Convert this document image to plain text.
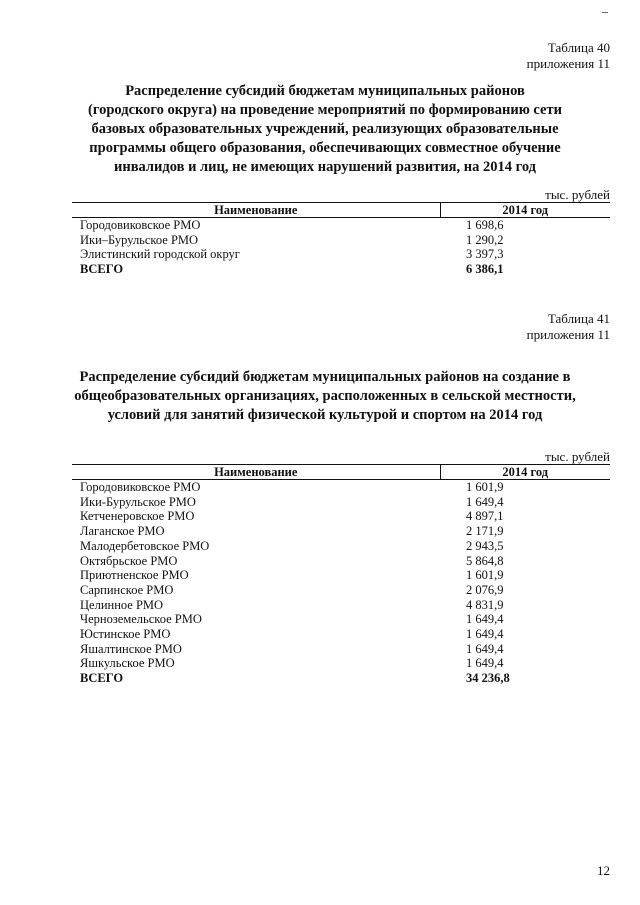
Таблица 40
приложения 11
Распределение субсидий бюджетам муниципальных районов
(городского округа) на проведение мероприятий по формированию сети
базовых образовательных учреждений, реализующих образовательные
программы общего образования, обеспечивающих совместное обучение
инвалидов и лиц, не имеющих нарушений развития, на 2014 год
тыс. рублей
Наименование	2014 год
Городовиковское РМО	1 698,6
Ики–Бурульское РМО	1 290,2
Элистинский городской округ	3 397,3
ВСЕГО	6 386,1
Таблица 41
приложения 11
Распределение субсидий бюджетам муниципальных районов на создание в
общеобразовательных организациях, расположенных в сельской местности,
условий для занятий физической культурой и спортом на 2014 год
тыс. рублей
Наименование	2014 год
Городовиковское РМО	1 601,9
Ики-Бурульское РМО	1 649,4
Кетченеровское РМО	4 897,1
Лаганское РМО	2 171,9
Малодербетовское РМО	2 943,5
Октябрьское РМО	5 864,8
Приютненское РМО	1 601,9
Сарпинское РМО	2 076,9
Целинное РМО	4 831,9
Черноземельское РМО	1 649,4
Юстинское РМО	1 649,4
Яшалтинское РМО	1 649,4
Яшкульское РМО	1 649,4
ВСЕГО	34 236,8
12
